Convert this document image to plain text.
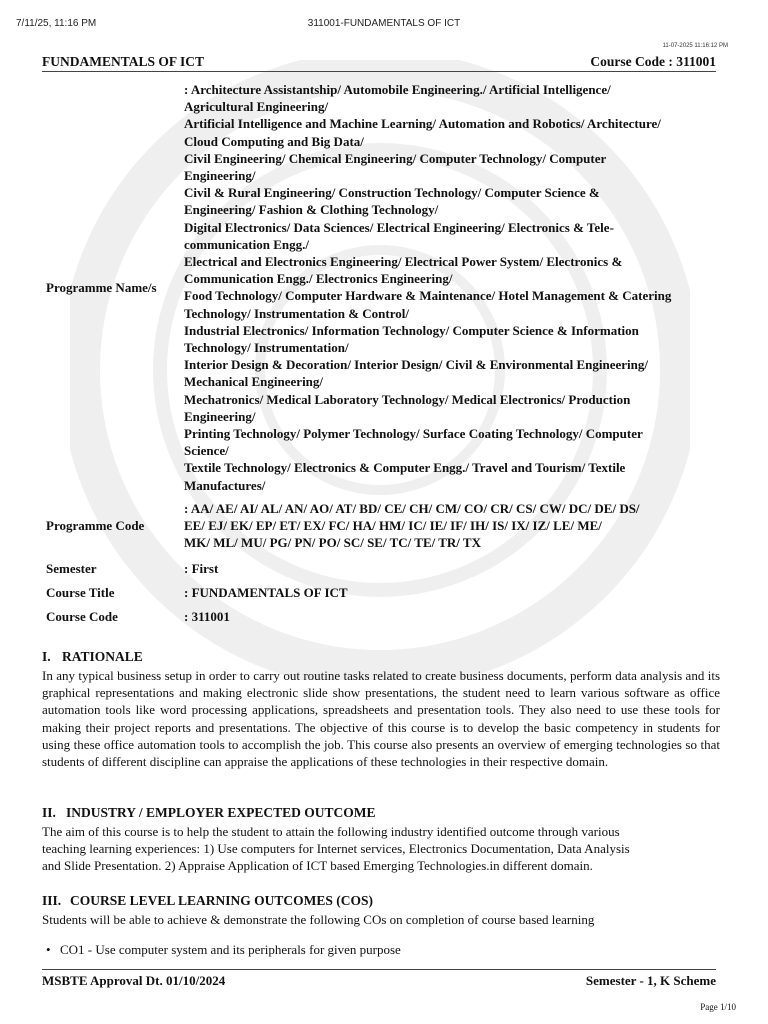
7/11/25, 11:16 PM	311001-FUNDAMENTALS OF ICT
11-07-2025 11:16:12 PM
FUNDAMENTALS OF ICT	Course Code : 311001
Programme Name/s
: Architecture Assistantship/ Automobile Engineering./ Artificial Intelligence/
Agricultural Engineering/
Artificial Intelligence and Machine Learning/ Automation and Robotics/ Architecture/
Cloud Computing and Big Data/
Civil Engineering/ Chemical Engineering/ Computer Technology/ Computer
Engineering/
Civil & Rural Engineering/ Construction Technology/ Computer Science &
Engineering/ Fashion & Clothing Technology/
Digital Electronics/ Data Sciences/ Electrical Engineering/ Electronics & Tele-
communication Engg./
Electrical and Electronics Engineering/ Electrical Power System/ Electronics &
Communication Engg./ Electronics Engineering/
Food Technology/ Computer Hardware & Maintenance/ Hotel Management & Catering
Technology/ Instrumentation & Control/
Industrial Electronics/ Information Technology/ Computer Science & Information
Technology/ Instrumentation/
Interior Design & Decoration/ Interior Design/ Civil & Environmental Engineering/
Mechanical Engineering/
Mechatronics/ Medical Laboratory Technology/ Medical Electronics/ Production
Engineering/
Printing Technology/ Polymer Technology/ Surface Coating Technology/ Computer
Science/
Textile Technology/ Electronics & Computer Engg./ Travel and Tourism/ Textile
Manufactures/
Programme Code
: AA/ AE/ AI/ AL/ AN/ AO/ AT/ BD/ CE/ CH/ CM/ CO/ CR/ CS/ CW/ DC/ DE/ DS/
EE/ EJ/ EK/ EP/ ET/ EX/ FC/ HA/ HM/ IC/ IE/ IF/ IH/ IS/ IX/ IZ/ LE/ ME/
MK/ ML/ MU/ PG/ PN/ PO/ SC/ SE/ TC/ TE/ TR/ TX
Semester	: First
Course Title	: FUNDAMENTALS OF ICT
Course Code	: 311001
I. RATIONALE
In any typical business setup in order to carry out routine tasks related to create business documents, perform data analysis and its graphical representations and making electronic slide show presentations, the student need to learn various software as office automation tools like word processing applications, spreadsheets and presentation tools. They also need to use these tools for making their project reports and presentations. The objective of this course is to develop the basic competency in students for using these office automation tools to accomplish the job. This course also presents an overview of emerging technologies so that students of different discipline can appraise the applications of these technologies in their respective domain.
II. INDUSTRY / EMPLOYER EXPECTED OUTCOME
The aim of this course is to help the student to attain the following industry identified outcome through various
teaching learning experiences: 1) Use computers for Internet services, Electronics Documentation, Data Analysis
and Slide Presentation. 2) Appraise Application of ICT based Emerging Technologies.in different domain.
III. COURSE LEVEL LEARNING OUTCOMES (COS)
Students will be able to achieve & demonstrate the following COs on completion of course based learning
• CO1 - Use computer system and its peripherals for given purpose
MSBTE Approval Dt. 01/10/2024	Semester - 1, K Scheme
Page 1/10
